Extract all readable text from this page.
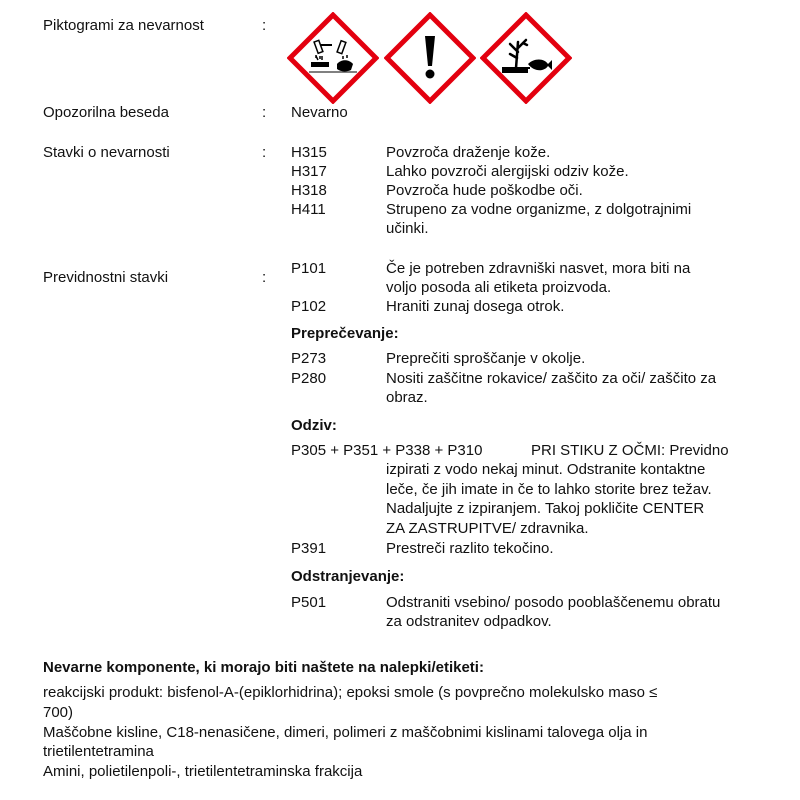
Piktogrami za nevarnost	:
Opozorilna beseda	: Nevarno
Stavki o nevarnosti	: H315	Povzroča draženje kože.
H317	Lahko povzroči alergijski odziv kože.
H318	Povzroča hude poškodbe oči.
H411	Strupeno za vodne organizme, z dolgotrajnimi
učinki.
Previdnostni stavki	:
P101	Če je potreben zdravniški nasvet, mora biti na
voljo posoda ali etiketa proizvoda.
P102	Hraniti zunaj dosega otrok.
Preprečevanje:
P273	Preprečiti sproščanje v okolje.
P280	Nositi zaščitne rokavice/ zaščito za oči/ zaščito za
obraz.
Odziv:
P305 + P351 + P338 + P310	PRI STIKU Z OČMI: Previdno
izpirati z vodo nekaj minut. Odstranite kontaktne
leče, če jih imate in če to lahko storite brez težav.
Nadaljujte z izpiranjem. Takoj pokličite CENTER
ZA ZASTRUPITVE/ zdravnika.
P391	Prestreči razlito tekočino.
Odstranjevanje:
P501	Odstraniti vsebino/ posodo pooblaščenemu obratu
za odstranitev odpadkov.
Nevarne komponente, ki morajo biti naštete na nalepki/etiketi:
reakcijski produkt: bisfenol-A-(epiklorhidrina); epoksi smole (s povprečno molekulsko maso ≤
700)
Maščobne kisline, C18-nenasičene, dimeri, polimeri z maščobnimi kislinami talovega olja in
trietilentetramina
Amini, polietilenpoli-, trietilentetraminska frakcija
